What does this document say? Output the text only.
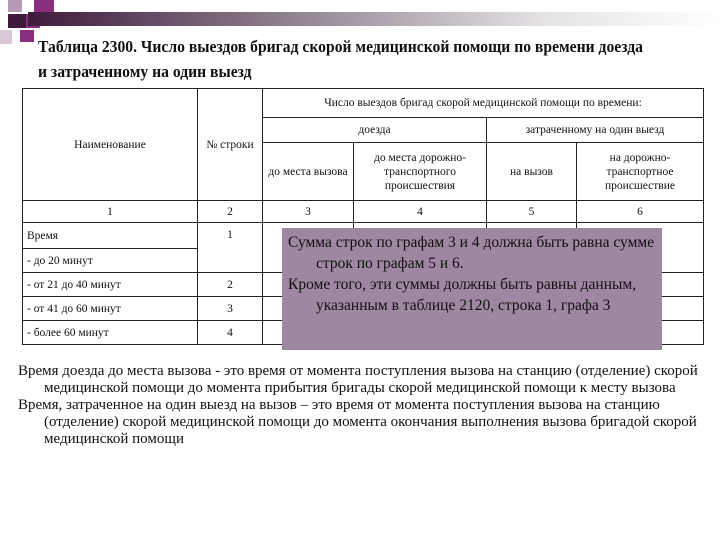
Таблица 2300. Число выездов бригад скорой медицинской помощи по времени доезда и затраченному на один выезд
Наименование	№ строки	Число выездов бригад скорой медицинской помощи по времени:			
		доезда		затраченному на один выезд	
		до места вызова	до места дорожно-транспортного происшествия	на вызов	на дорожно-транспортное происшествие
1	2	3	4	5	6
Время	1				
- до 20 минут					
- от 21 до 40 минут	2				
- от 41 до 60 минут	3				
- более 60 минут	4				

Сумма строк по графам 3 и 4 должна быть равна сумме строк по графам 5 и 6.

Кроме того, эти суммы должны быть равны данным, указанным в таблице 2120, строка 1, графа 3

Время доезда до места вызова - это время от момента поступления вызова на станцию (отделение) скорой медицинской помощи до момента прибытия бригады скорой медицинской помощи к месту вызова

Время, затраченное на один выезд на вызов – это время от момента поступления вызова на станцию (отделение) скорой медицинской помощи до момента окончания выполнения вызова бригадой скорой медицинской помощи
